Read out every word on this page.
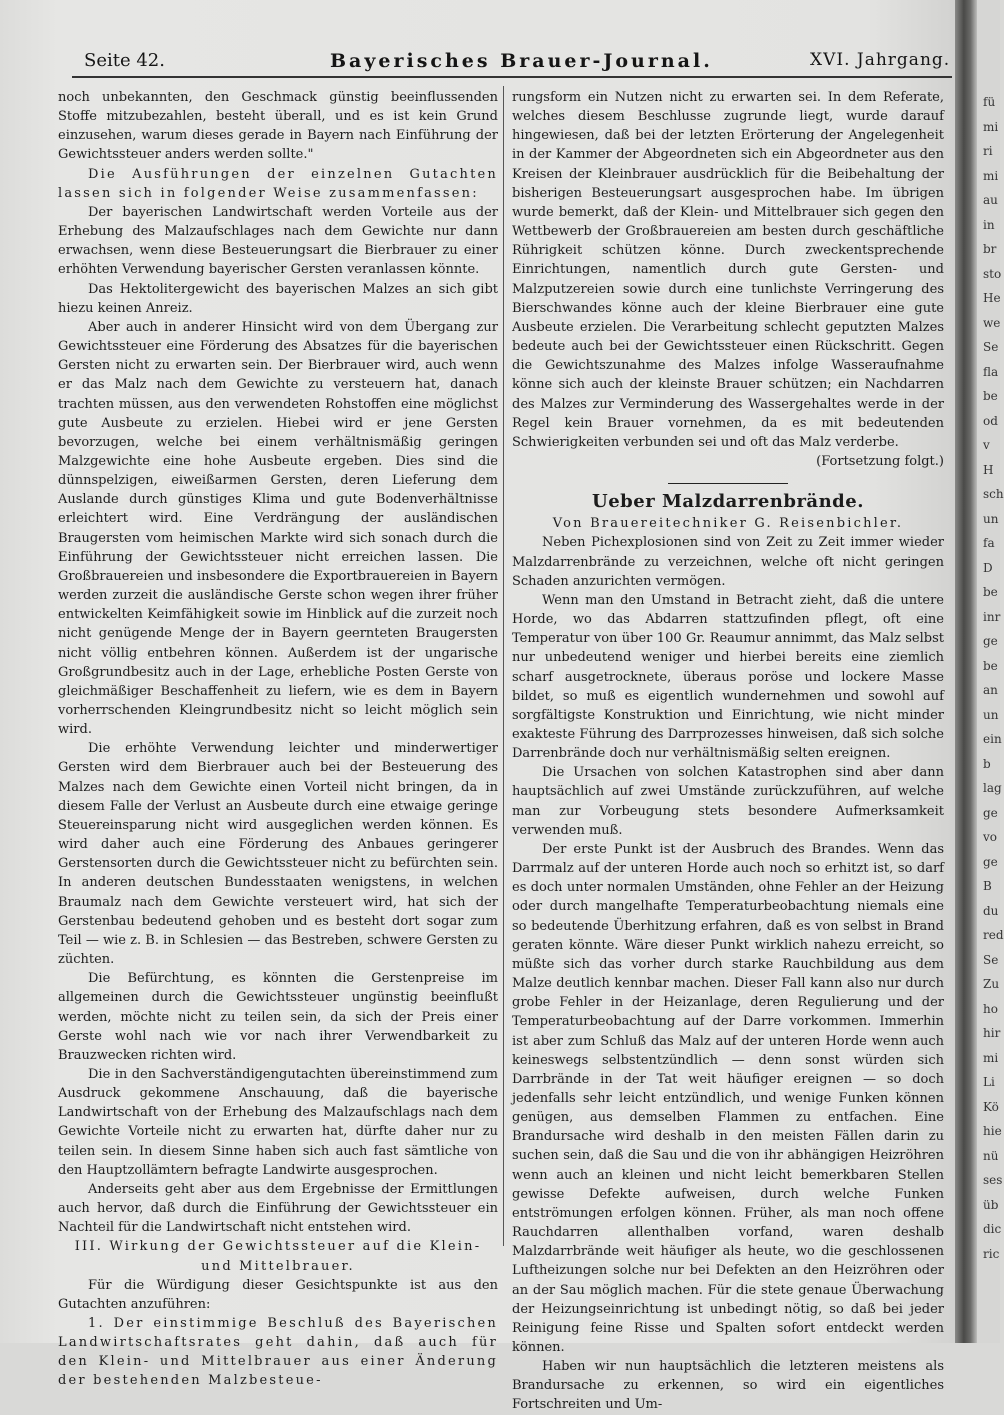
Seite 42.	Bayerisches Brauer-Journal.	XVI. Jahrgang.

noch unbekannten, den Geschmack günstig beeinflussenden Stoffe mitzubezahlen, besteht überall, und es ist kein Grund einzusehen, warum dieses gerade in Bayern nach Einführung der Gewichtssteuer anders werden sollte."

Die Ausführungen der einzelnen Gutachten lassen sich in folgender Weise zusammenfassen:

Der bayerischen Landwirtschaft werden Vorteile aus der Erhebung des Malzaufschlages nach dem Gewichte nur dann erwachsen, wenn diese Besteuerungsart die Bierbrauer zu einer erhöhten Verwendung bayerischer Gersten veranlassen könnte.

Das Hektolitergewicht des bayerischen Malzes an sich gibt hiezu keinen Anreiz.

Aber auch in anderer Hinsicht wird von dem Übergang zur Gewichtssteuer eine Förderung des Absatzes für die bayerischen Gersten nicht zu erwarten sein. Der Bierbrauer wird, auch wenn er das Malz nach dem Gewichte zu versteuern hat, danach trachten müssen, aus den verwendeten Rohstoffen eine möglichst gute Ausbeute zu erzielen. Hiebei wird er jene Gersten bevorzugen, welche bei einem verhältnismäßig geringen Malzgewichte eine hohe Ausbeute ergeben. Dies sind die dünnspelzigen, eiweißarmen Gersten, deren Lieferung dem Auslande durch günstiges Klima und gute Bodenverhältnisse erleichtert wird. Eine Verdrängung der ausländischen Braugersten vom heimischen Markte wird sich sonach durch die Einführung der Gewichtssteuer nicht erreichen lassen. Die Großbrauereien und insbesondere die Exportbrauereien in Bayern werden zurzeit die ausländische Gerste schon wegen ihrer früher entwickelten Keimfähigkeit sowie im Hinblick auf die zurzeit noch nicht genügende Menge der in Bayern geernteten Braugersten nicht völlig entbehren können. Außerdem ist der ungarische Großgrundbesitz auch in der Lage, erhebliche Posten Gerste von gleichmäßiger Beschaffenheit zu liefern, wie es dem in Bayern vorherrschenden Kleingrundbesitz nicht so leicht möglich sein wird.

Die erhöhte Verwendung leichter und minderwertiger Gersten wird dem Bierbrauer auch bei der Besteuerung des Malzes nach dem Gewichte einen Vorteil nicht bringen, da in diesem Falle der Verlust an Ausbeute durch eine etwaige geringe Steuereinsparung nicht wird ausgeglichen werden können. Es wird daher auch eine Förderung des Anbaues geringerer Gerstensorten durch die Gewichtssteuer nicht zu befürchten sein. In anderen deutschen Bundesstaaten wenigstens, in welchen Braumalz nach dem Gewichte versteuert wird, hat sich der Gerstenbau bedeutend gehoben und es besteht dort sogar zum Teil — wie z. B. in Schlesien — das Bestreben, schwere Gersten zu züchten.

Die Befürchtung, es könnten die Gerstenpreise im allgemeinen durch die Gewichtssteuer ungünstig beeinflußt werden, möchte nicht zu teilen sein, da sich der Preis einer Gerste wohl nach wie vor nach ihrer Verwendbarkeit zu Brauzwecken richten wird.

Die in den Sachverständigengutachten übereinstimmend zum Ausdruck gekommene Anschauung, daß die bayerische Landwirtschaft von der Erhebung des Malzaufschlags nach dem Gewichte Vorteile nicht zu erwarten hat, dürfte daher nur zu teilen sein. In diesem Sinne haben sich auch fast sämtliche von den Hauptzollämtern befragte Landwirte ausgesprochen.

Anderseits geht aber aus dem Ergebnisse der Ermittlungen auch hervor, daß durch die Einführung der Gewichtssteuer ein Nachteil für die Landwirtschaft nicht entstehen wird.

III. Wirkung der Gewichtssteuer auf die Klein- und Mittelbrauer.

Für die Würdigung dieser Gesichtspunkte ist aus den Gutachten anzuführen:

1. Der einstimmige Beschluß des Bayerischen Landwirtschaftsrates geht dahin, daß auch für den Klein- und Mittelbrauer aus einer Änderung der bestehenden Malzbesteue-

rungsform ein Nutzen nicht zu erwarten sei. In dem Referate, welches diesem Beschlusse zugrunde liegt, wurde darauf hingewiesen, daß bei der letzten Erörterung der Angelegenheit in der Kammer der Abgeordneten sich ein Abgeordneter aus den Kreisen der Kleinbrauer ausdrücklich für die Beibehaltung der bisherigen Besteuerungsart ausgesprochen habe. Im übrigen wurde bemerkt, daß der Klein- und Mittelbrauer sich gegen den Wettbewerb der Großbrauereien am besten durch geschäftliche Rührigkeit schützen könne. Durch zweckentsprechende Einrichtungen, namentlich durch gute Gersten- und Malzputzereien sowie durch eine tunlichste Verringerung des Bierschwandes könne auch der kleine Bierbrauer eine gute Ausbeute erzielen. Die Verarbeitung schlecht geputzten Malzes bedeute auch bei der Gewichtssteuer einen Rückschritt. Gegen die Gewichtszunahme des Malzes infolge Wasseraufnahme könne sich auch der kleinste Brauer schützen; ein Nachdarren des Malzes zur Verminderung des Wassergehaltes werde in der Regel kein Brauer vornehmen, da es mit bedeutenden Schwierigkeiten verbunden sei und oft das Malz verderbe.

(Fortsetzung folgt.)

Ueber Malzdarrenbrände.

Von Brauereitechniker G. Reisenbichler.

Neben Pichexplosionen sind von Zeit zu Zeit immer wieder Malzdarrenbrände zu verzeichnen, welche oft nicht geringen Schaden anzurichten vermögen.

Wenn man den Umstand in Betracht zieht, daß die untere Horde, wo das Abdarren stattzufinden pflegt, oft eine Temperatur von über 100 Gr. Reaumur annimmt, das Malz selbst nur unbedeutend weniger und hierbei bereits eine ziemlich scharf ausgetrocknete, überaus poröse und lockere Masse bildet, so muß es eigentlich wundernehmen und sowohl auf sorgfältigste Konstruktion und Einrichtung, wie nicht minder exakteste Führung des Darrprozesses hinweisen, daß sich solche Darrenbrände doch nur verhältnismäßig selten ereignen.

Die Ursachen von solchen Katastrophen sind aber dann hauptsächlich auf zwei Umstände zurückzuführen, auf welche man zur Vorbeugung stets besondere Aufmerksamkeit verwenden muß.

Der erste Punkt ist der Ausbruch des Brandes. Wenn das Darrmalz auf der unteren Horde auch noch so erhitzt ist, so darf es doch unter normalen Umständen, ohne Fehler an der Heizung oder durch mangelhafte Temperaturbeobachtung niemals eine so bedeutende Überhitzung erfahren, daß es von selbst in Brand geraten könnte. Wäre dieser Punkt wirklich nahezu erreicht, so müßte sich das vorher durch starke Rauchbildung aus dem Malze deutlich kennbar machen. Dieser Fall kann also nur durch grobe Fehler in der Heizanlage, deren Regulierung und der Temperaturbeobachtung auf der Darre vorkommen. Immerhin ist aber zum Schluß das Malz auf der unteren Horde wenn auch keineswegs selbstentzündlich — denn sonst würden sich Darrbrände in der Tat weit häufiger ereignen — so doch jedenfalls sehr leicht entzündlich, und wenige Funken können genügen, aus demselben Flammen zu entfachen. Eine Brandursache wird deshalb in den meisten Fällen darin zu suchen sein, daß die Sau und die von ihr abhängigen Heizröhren wenn auch an kleinen und nicht leicht bemerkbaren Stellen gewisse Defekte aufweisen, durch welche Funken entströmungen erfolgen können. Früher, als man noch offene Rauchdarren allenthalben vorfand, waren deshalb Malzdarrbrände weit häufiger als heute, wo die geschlossenen Luftheizungen solche nur bei Defekten an den Heizröhren oder an der Sau möglich machen. Für die stete genaue Überwachung der Heizungseinrichtung ist unbedingt nötig, so daß bei jeder Reinigung feine Risse und Spalten sofort entdeckt werden können.

Haben wir nun hauptsächlich die letzteren meistens als Brandursache zu erkennen, so wird ein eigentliches Fortschreiten und Um-

fü
mi
ri
mi
au
in
br
sto
He
we
Se
fla
be
od
v
H
sch
un
fa
D
be
inr
ge
be
an
un
ein
b
lag
ge
vo
ge
B
du
red
Se
Zu
ho
hir
mi
Li
Kö
hie
nü
ses
üb
dic
ric
